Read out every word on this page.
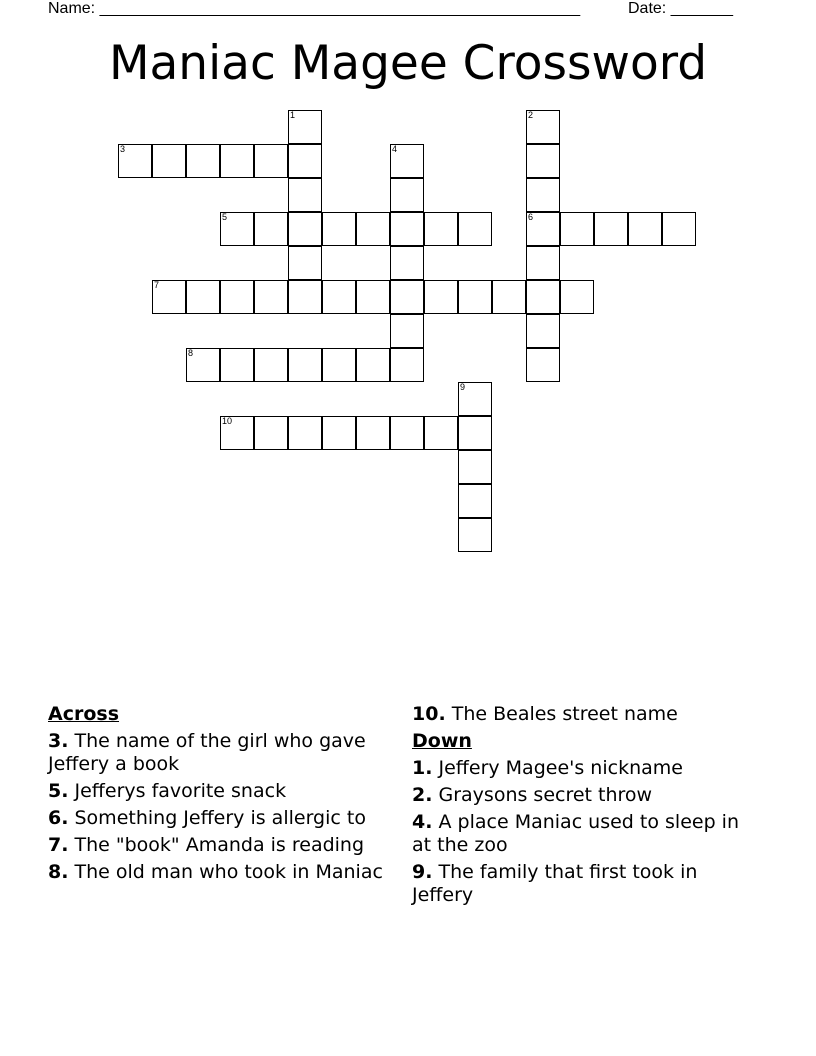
Name: ______________________________________________________	Date: _______
Maniac Magee Crossword
1	2
6
3	4
5
7
8
9
10
Across
3. The name of the girl who gave Jeffery a book
5. Jefferys favorite snack
6. Something Jeffery is allergic to
7. The "book" Amanda is reading
8. The old man who took in Maniac
10. The Beales street name
Down
1. Jeffery Magee's nickname
2. Graysons secret throw
4. A place Maniac used to sleep in at the zoo
9. The family that first took in Jeffery
